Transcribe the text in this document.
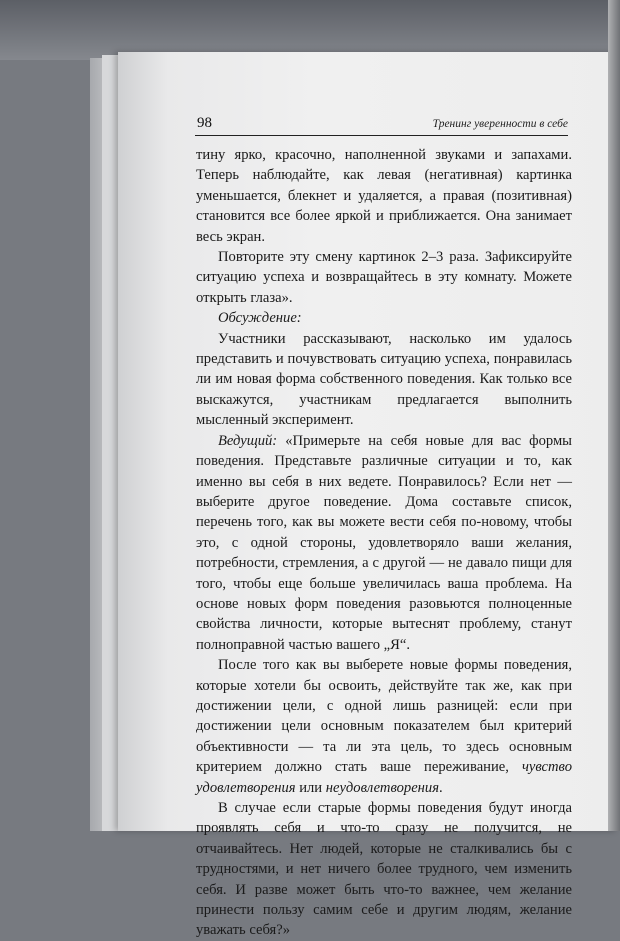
98	Тренинг уверенности в себе

тину ярко, красочно, наполненной звуками и запахами. Теперь наблюдайте, как левая (негативная) картинка уменьшается, блекнет и удаляется, а правая (позитивная) становится все более яркой и приближается. Она занимает весь экран.

Повторите эту смену картинок 2–3 раза. Зафиксируйте ситуацию успеха и возвращайтесь в эту комнату. Можете открыть глаза».

Обсуждение:

Участники рассказывают, насколько им удалось представить и почувствовать ситуацию успеха, понравилась ли им новая форма собственного поведения. Как только все выскажутся, участникам предлагается выполнить мысленный эксперимент.

Ведущий: «Примерьте на себя новые для вас формы поведения. Представьте различные ситуации и то, как именно вы себя в них ведете. Понравилось? Если нет — выберите другое поведение. Дома составьте список, перечень того, как вы можете вести себя по-новому, чтобы это, с одной стороны, удовлетворяло ваши желания, потребности, стремления, а с другой — не давало пищи для того, чтобы еще больше увеличилась ваша проблема. На основе новых форм поведения разовьются полноценные свойства личности, которые вытеснят проблему, станут полноправной частью вашего „Я“.

После того как вы выберете новые формы поведения, которые хотели бы освоить, действуйте так же, как при достижении цели, с одной лишь разницей: если при достижении цели основным показателем был критерий объективности — та ли эта цель, то здесь основным критерием должно стать ваше переживание, чувство удовлетворения или неудовлетворения.

В случае если старые формы поведения будут иногда проявлять себя и что-то сразу не получится, не отчаивайтесь. Нет людей, которые не сталкивались бы с трудностями, и нет ничего более трудного, чем изменить себя. И разве может быть что-то важнее, чем желание принести пользу самим себе и другим людям, желание уважать себя?»
